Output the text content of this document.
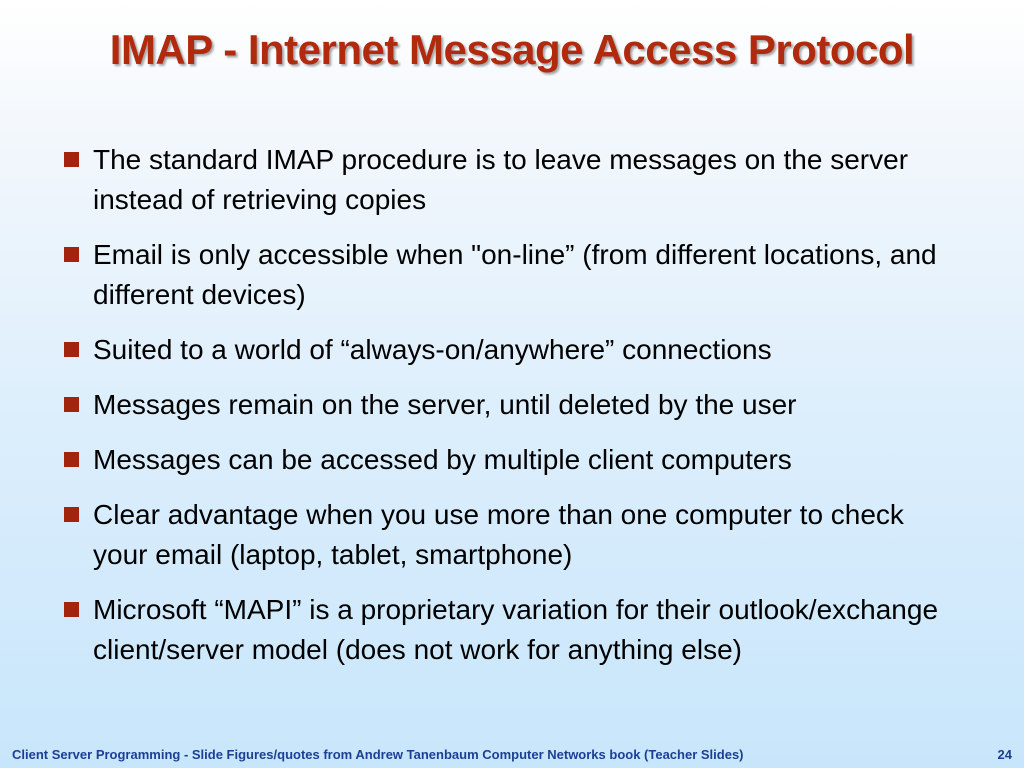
IMAP - Internet Message Access Protocol
The standard IMAP procedure is to leave messages on the server instead of retrieving copies
Email is only accessible when "on-line” (from different locations, and different devices)
Suited to a world of “always-on/anywhere” connections
Messages remain on the server, until deleted by the user
Messages can be accessed by multiple client computers
Clear advantage when you use more than one computer to check your email (laptop, tablet, smartphone)
Microsoft “MAPI” is a proprietary variation for their outlook/exchange client/server model (does not work for anything else)
Client Server Programming - Slide Figures/quotes from Andrew Tanenbaum Computer Networks book (Teacher Slides)	24
